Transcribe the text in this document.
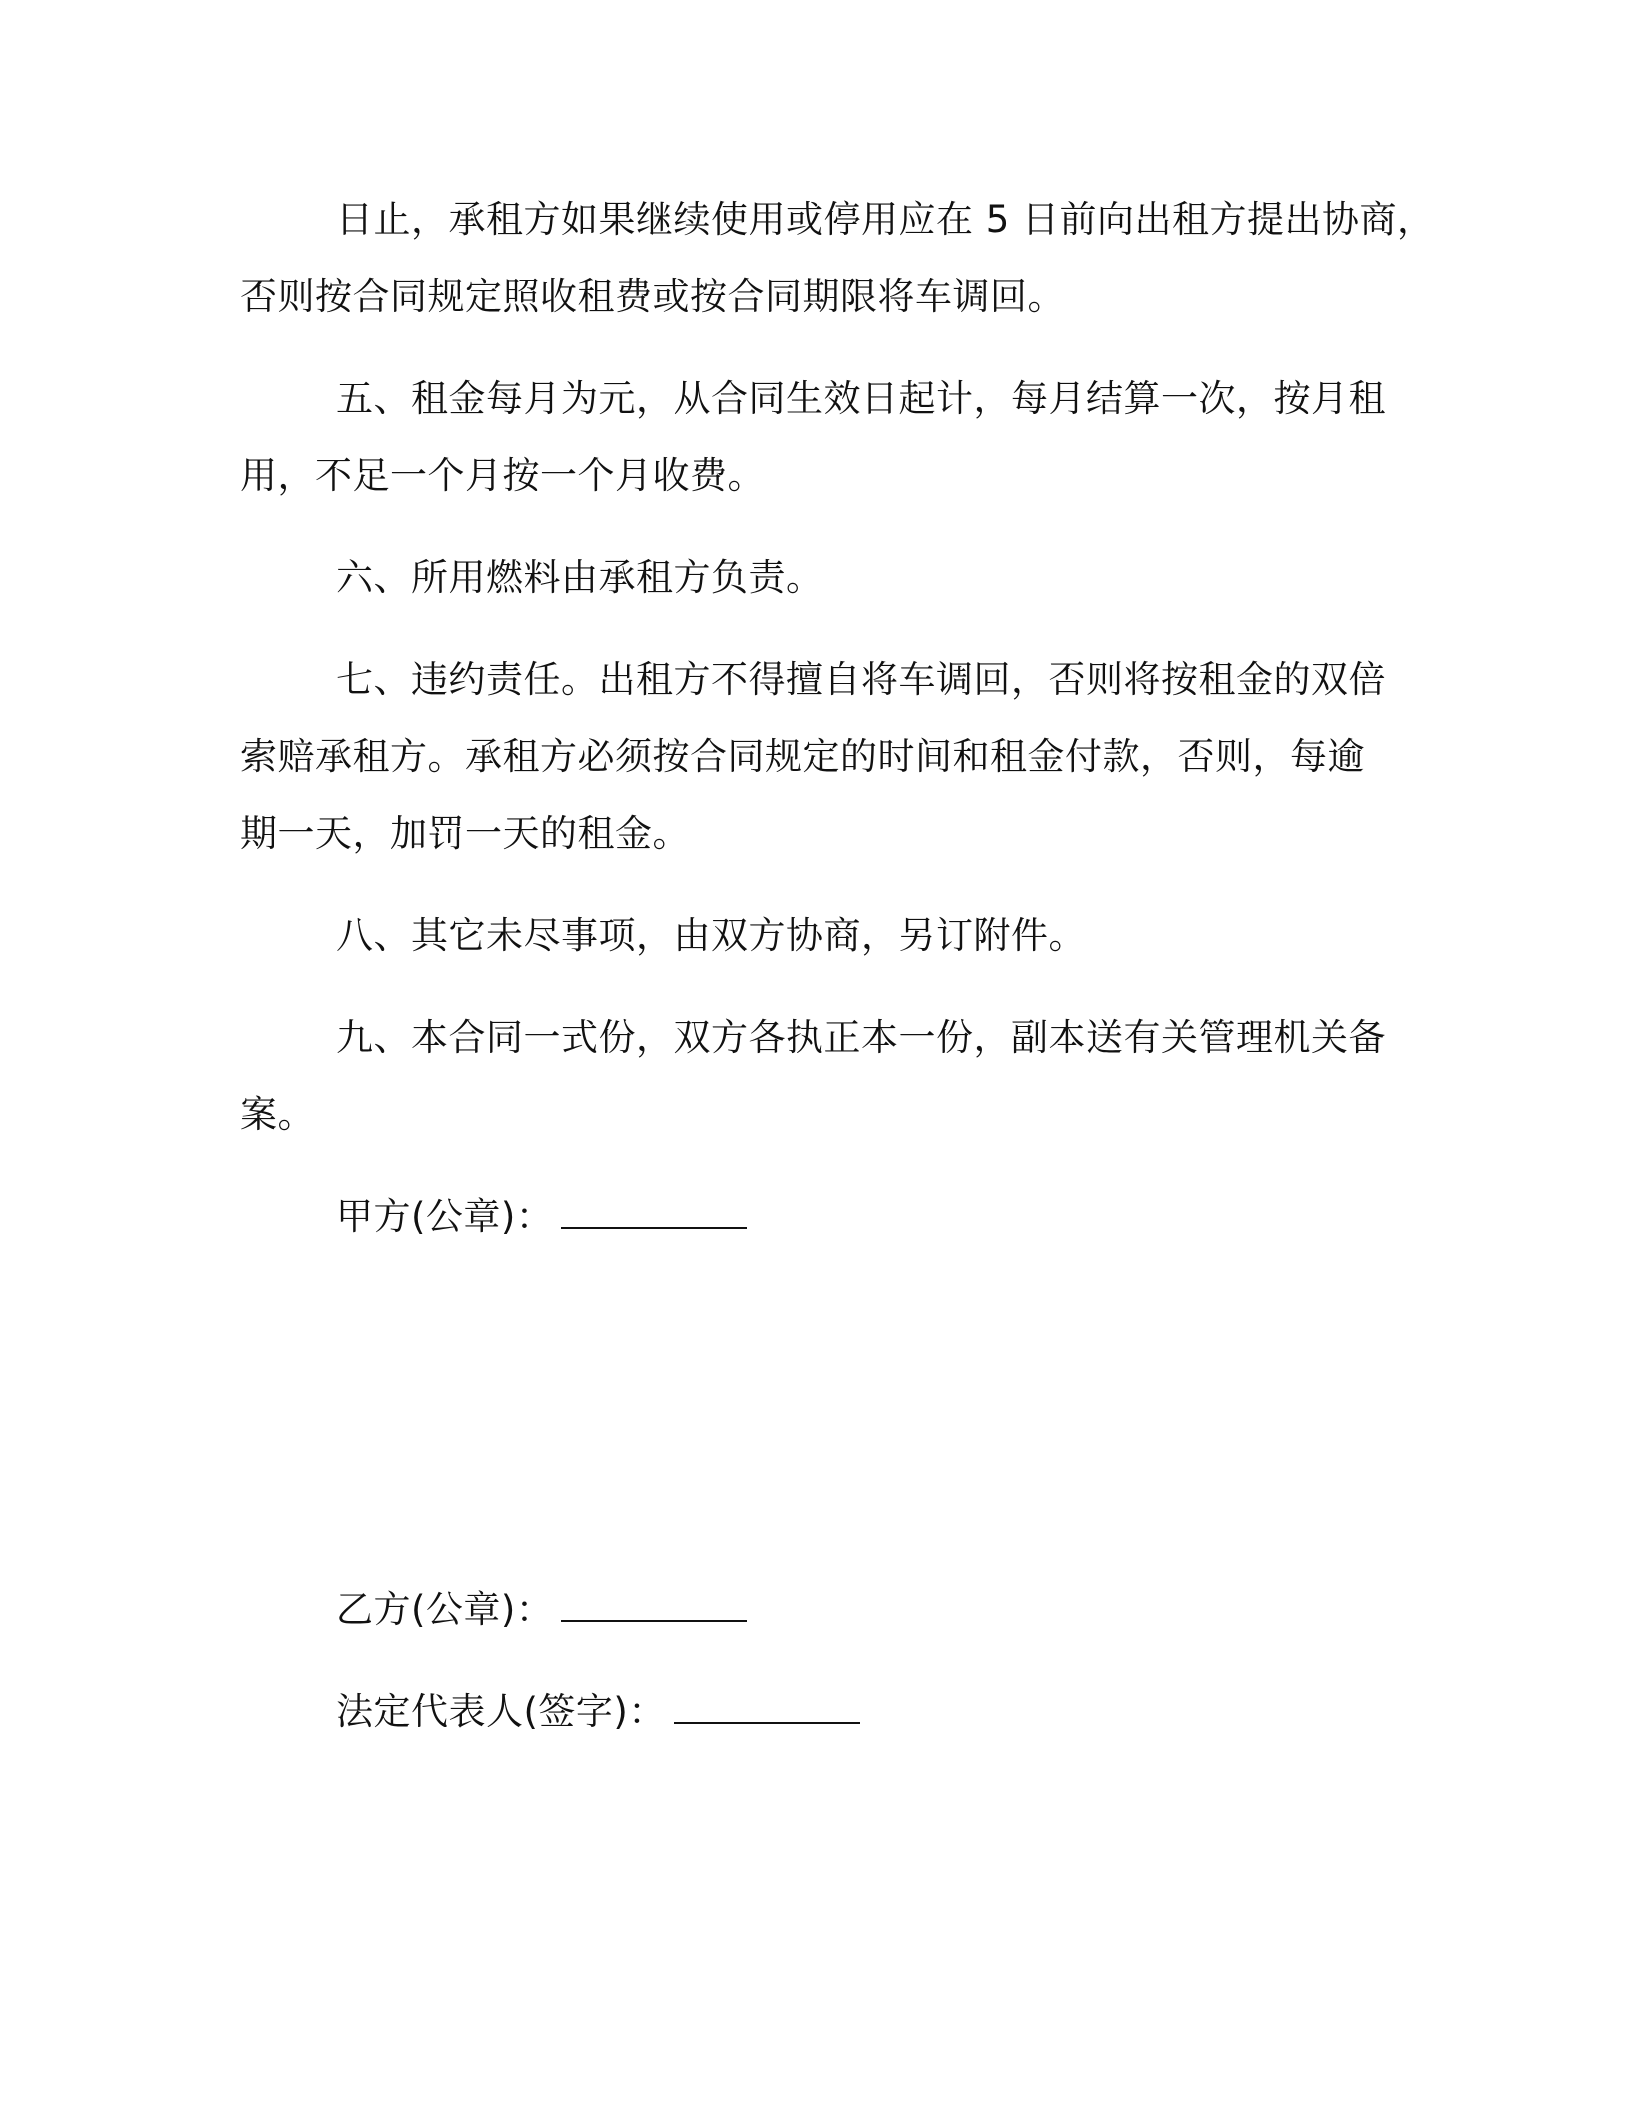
日止，承租方如果继续使用或停用应在 5 日前向出租方提出协商，
否则按合同规定照收租费或按合同期限将车调回。
五、租金每月为元，从合同生效日起计，每月结算一次，按月租
用，不足一个月按一个月收费。
六、所用燃料由承租方负责。
七、违约责任。出租方不得擅自将车调回，否则将按租金的双倍
索赔承租方。承租方必须按合同规定的时间和租金付款，否则，每逾
期一天，加罚一天的租金。
八、其它未尽事项，由双方协商，另订附件。
九、本合同一式份，双方各执正本一份，副本送有关管理机关备
案。
甲方(公章)：
乙方(公章)：
法定代表人(签字)：
